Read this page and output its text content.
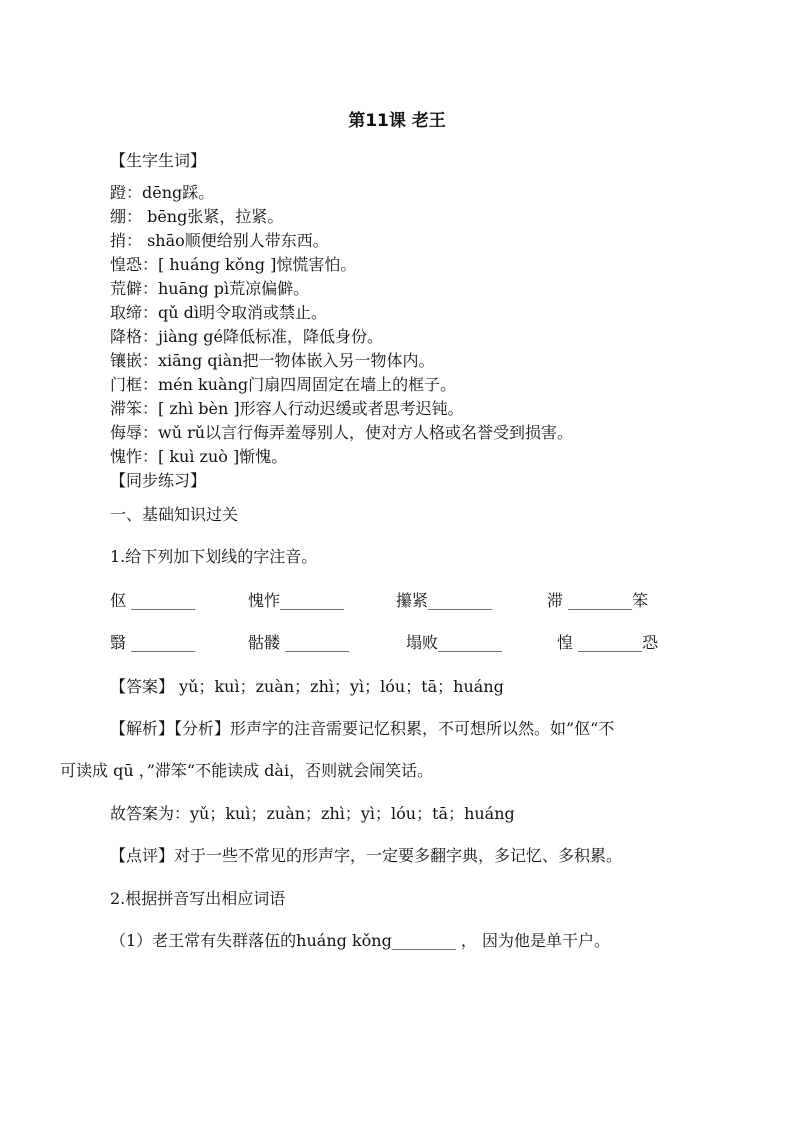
第11课 老王
【生字生词】
蹬：dēng踩。
绷： bēng张紧，拉紧。
捎： shāo顺便给别人带东西。
惶恐：[ huáng kǒng ]惊慌害怕。
荒僻：huāng pì荒凉偏僻。
取缔：qǔ dì明令取消或禁止。
降格：jiàng gé降低标准，降低身份。
镶嵌：xiāng qiàn把一物体嵌入另一物体内。
门框：mén kuàng门扇四周固定在墙上的框子。
滞笨：[ zhì bèn ]形容人行动迟缓或者思考迟钝。
侮辱：wǔ rǔ以言行侮弄羞辱别人，使对方人格或名誉受到损害。
愧怍：[ kuì zuò ]惭愧。
【同步练习】
一、基础知识过关
1.给下列加下划线的字注音。
伛 ________	愧怍________	攥紧________	滞 ________笨
翳 ________	骷髅 ________	塌败________	惶 ________恐
【答案】 yǔ；kuì；zuàn；zhì；yì；lóu；tā；huáng
【解析】【分析】形声字的注音需要记忆积累，不可想所以然。如”伛“不
可读成 qū ，”滞笨“不能读成 dài，否则就会闹笑话。
故答案为：yǔ；kuì；zuàn；zhì；yì；lóu；tā；huáng
【点评】对于一些不常见的形声字，一定要多翻字典，多记忆、多积累。
2.根据拼音写出相应词语
（1）老王常有失群落伍的huáng kǒng________ ， 因为他是单干户。
